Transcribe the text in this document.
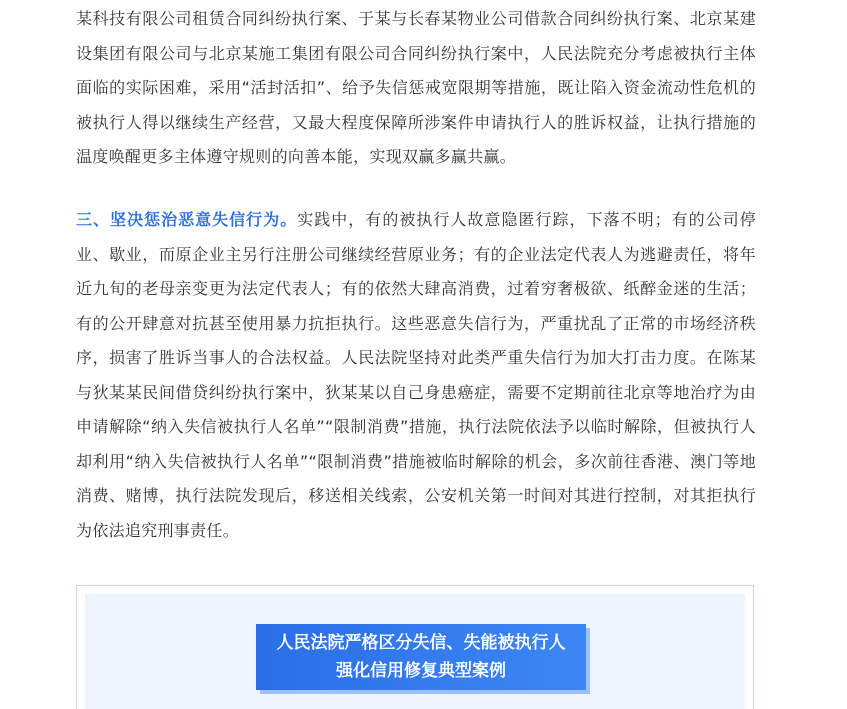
某科技有限公司租赁合同纠纷执行案、于某与长春某物业公司借款合同纠纷执行案、北京某建设集团有限公司与北京某施工集团有限公司合同纠纷执行案中，人民法院充分考虑被执行主体面临的实际困难，采用“活封活扣”、给予失信惩戒宽限期等措施，既让陷入资金流动性危机的被执行人得以继续生产经营，又最大程度保障所涉案件申请执行人的胜诉权益，让执行措施的温度唤醒更多主体遵守规则的向善本能，实现双赢多赢共赢。

三、坚决惩治恶意失信行为。实践中，有的被执行人故意隐匿行踪，下落不明；有的公司停业、歇业，而原企业主另行注册公司继续经营原业务；有的企业法定代表人为逃避责任，将年近九旬的老母亲变更为法定代表人；有的依然大肆高消费，过着穷奢极欲、纸醉金迷的生活；有的公开肆意对抗甚至使用暴力抗拒执行。这些恶意失信行为，严重扰乱了正常的市场经济秩序，损害了胜诉当事人的合法权益。人民法院坚持对此类严重失信行为加大打击力度。在陈某与狄某某民间借贷纠纷执行案中，狄某某以自己身患癌症，需要不定期前往北京等地治疗为由申请解除“纳入失信被执行人名单”“限制消费”措施，执行法院依法予以临时解除，但被执行人却利用“纳入失信被执行人名单”“限制消费”措施被临时解除的机会，多次前往香港、澳门等地消费、赌博，执行法院发现后，移送相关线索，公安机关第一时间对其进行控制，对其拒执行为依法追究刑事责任。

人民法院严格区分失信、失能被执行人
强化信用修复典型案例
